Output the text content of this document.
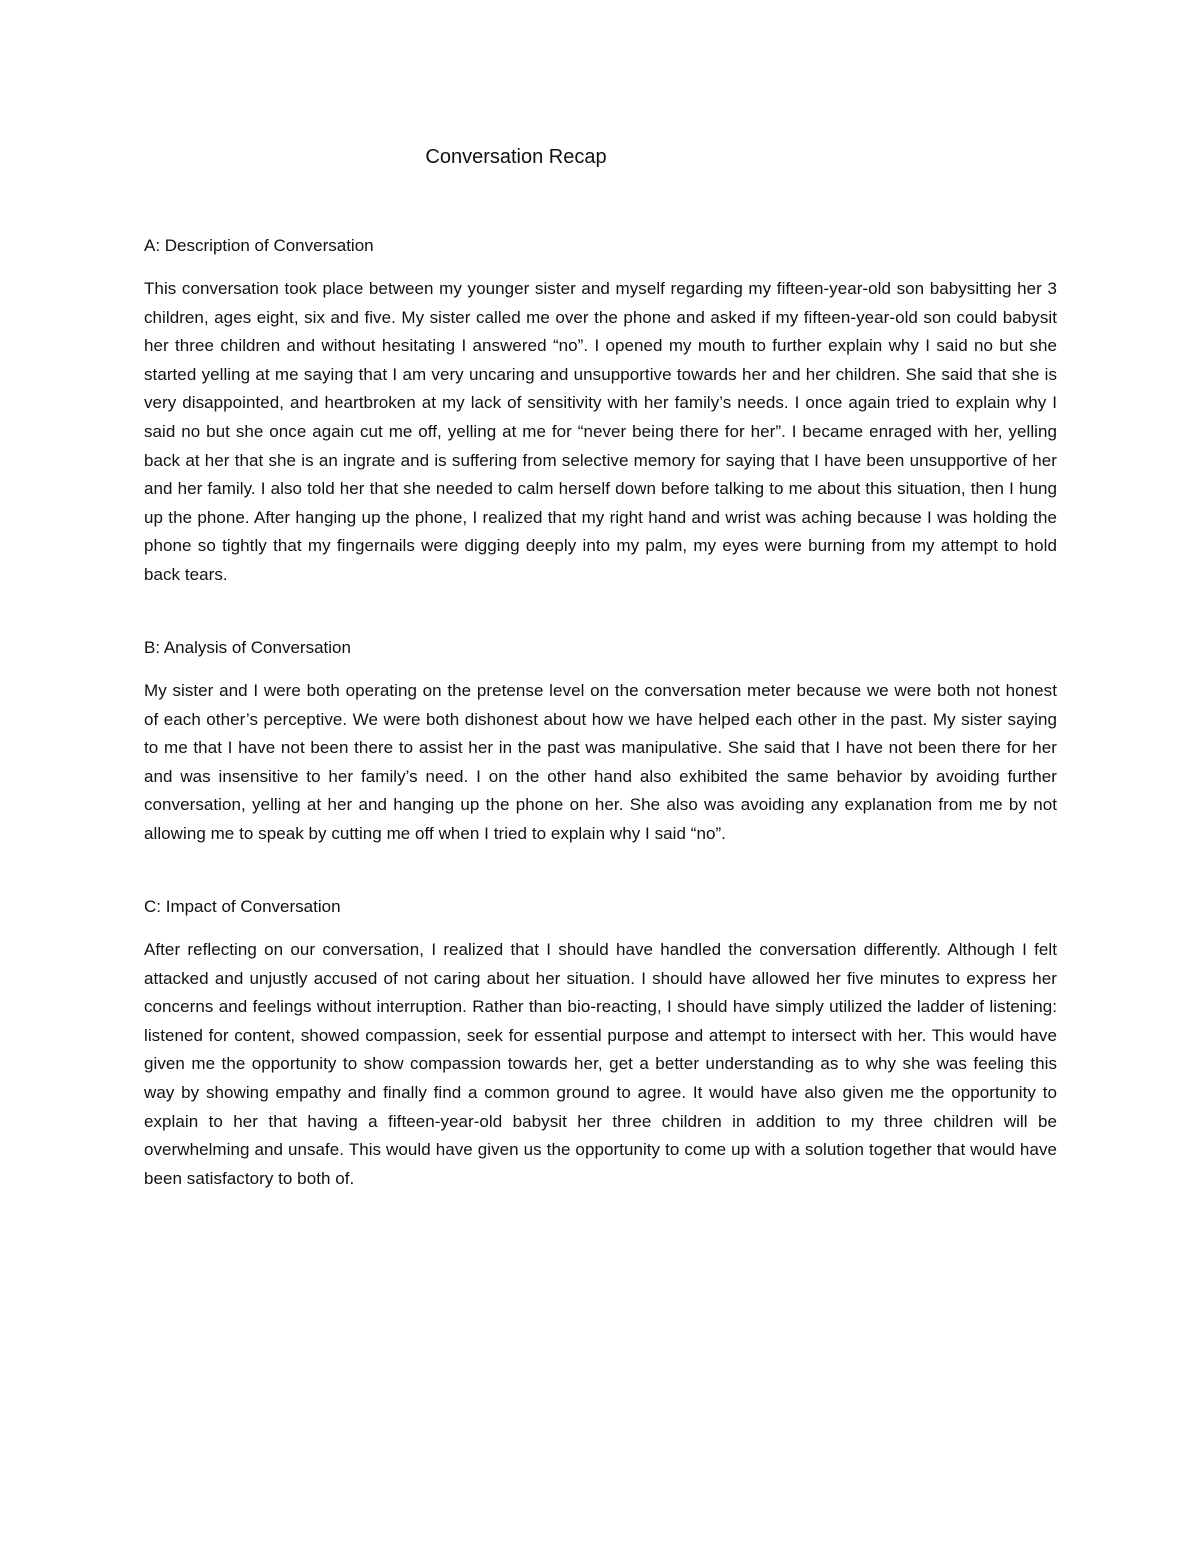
Conversation Recap

A: Description of Conversation

This conversation took place between my younger sister and myself regarding my fifteen-year-old son babysitting her 3 children, ages eight, six and five. My sister called me over the phone and asked if my fifteen-year-old son could babysit her three children and without hesitating I answered “no”. I opened my mouth to further explain why I said no but she started yelling at me saying that I am very uncaring and unsupportive towards her and her children. She said that she is very disappointed, and heartbroken at my lack of sensitivity with her family’s needs. I once again tried to explain why I said no but she once again cut me off, yelling at me for “never being there for her”. I became enraged with her, yelling back at her that she is an ingrate and is suffering from selective memory for saying that I have been unsupportive of her and her family. I also told her that she needed to calm herself down before talking to me about this situation, then I hung up the phone. After hanging up the phone, I realized that my right hand and wrist was aching because I was holding the phone so tightly that my fingernails were digging deeply into my palm, my eyes were burning from my attempt to hold back tears.

B: Analysis of Conversation

My sister and I were both operating on the pretense level on the conversation meter because we were both not honest of each other’s perceptive. We were both dishonest about how we have helped each other in the past. My sister saying to me that I have not been there to assist her in the past was manipulative. She said that I have not been there for her and was insensitive to her family’s need. I on the other hand also exhibited the same behavior by avoiding further conversation, yelling at her and hanging up the phone on her. She also was avoiding any explanation from me by not allowing me to speak by cutting me off when I tried to explain why I said “no”.

C: Impact of Conversation

After reflecting on our conversation, I realized that I should have handled the conversation differently. Although I felt attacked and unjustly accused of not caring about her situation. I should have allowed her five minutes to express her concerns and feelings without interruption. Rather than bio-reacting, I should have simply utilized the ladder of listening: listened for content, showed compassion, seek for essential purpose and attempt to intersect with her. This would have given me the opportunity to show compassion towards her, get a better understanding as to why she was feeling this way by showing empathy and finally find a common ground to agree. It would have also given me the opportunity to explain to her that having a fifteen-year-old babysit her three children in addition to my three children will be overwhelming and unsafe. This would have given us the opportunity to come up with a solution together that would have been satisfactory to both of.
